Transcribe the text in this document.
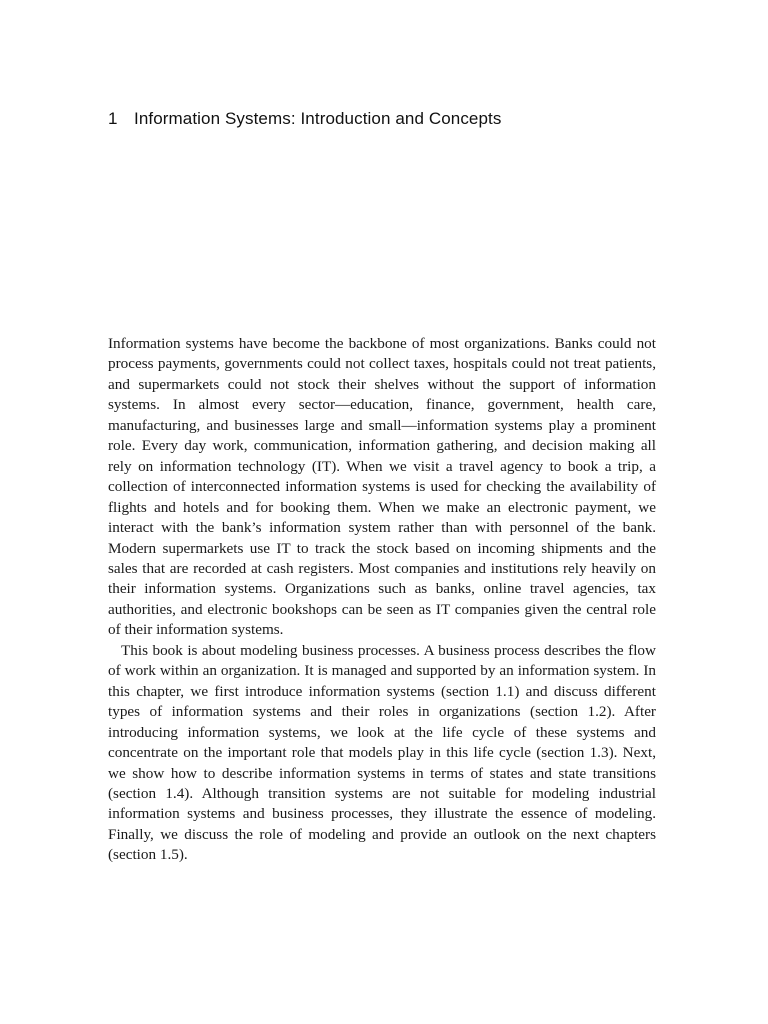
1 Information Systems: Introduction and Concepts

Information systems have become the backbone of most organizations. Banks could not process payments, governments could not collect taxes, hospitals could not treat patients, and supermarkets could not stock their shelves without the support of information systems. In almost every sector—education, finance, government, health care, manufacturing, and businesses large and small—information systems play a prominent role. Every day work, communication, information gathering, and decision making all rely on information technology (IT). When we visit a travel agency to book a trip, a collection of interconnected information systems is used for checking the availability of flights and hotels and for booking them. When we make an electronic payment, we interact with the bank’s information system rather than with personnel of the bank. Modern supermarkets use IT to track the stock based on incoming shipments and the sales that are recorded at cash registers. Most companies and institutions rely heavily on their information systems. Organizations such as banks, online travel agencies, tax authorities, and electronic bookshops can be seen as IT companies given the central role of their information systems.

This book is about modeling business processes. A business process describes the flow of work within an organization. It is managed and supported by an information system. In this chapter, we first introduce information systems (section 1.1) and discuss different types of information systems and their roles in organizations (section 1.2). After introducing information systems, we look at the life cycle of these systems and concentrate on the important role that models play in this life cycle (section 1.3). Next, we show how to describe information systems in terms of states and state transitions (section 1.4). Although transition systems are not suitable for modeling industrial information systems and business processes, they illustrate the essence of modeling. Finally, we discuss the role of modeling and provide an outlook on the next chapters (section 1.5).
